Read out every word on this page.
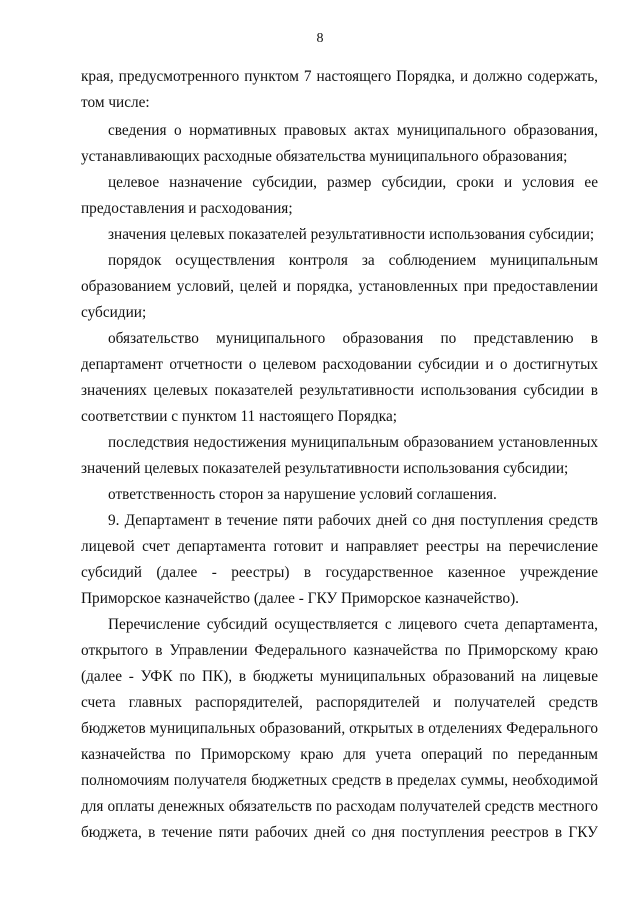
8
края, предусмотренного пунктом 7 настоящего Порядка, и должно содержать,
том числе:
сведения о нормативных правовых актах муниципального образования,
устанавливающих расходные обязательства муниципального образования;
целевое назначение субсидии, размер субсидии, сроки и условия ее
предоставления и расходования;
значения целевых показателей результативности использования субсидии;
порядок осуществления контроля за соблюдением муниципальным
образованием условий, целей и порядка, установленных при предоставлении
субсидии;
обязательство муниципального образования по представлению в
департамент отчетности о целевом расходовании субсидии и о достигнутых
значениях целевых показателей результативности использования субсидии в
соответствии с пунктом 11 настоящего Порядка;
последствия недостижения муниципальным образованием установленных
значений целевых показателей результативности использования субсидии;
ответственность сторон за нарушение условий соглашения.
9. Департамент в течение пяти рабочих дней со дня поступления средств
лицевой счет департамента готовит и направляет реестры на перечисление
субсидий (далее - реестры) в государственное казенное учреждение
Приморское казначейство (далее - ГКУ Приморское казначейство).
Перечисление субсидий осуществляется с лицевого счета департамента,
открытого в Управлении Федерального казначейства по Приморскому краю
(далее - УФК по ПК), в бюджеты муниципальных образований на лицевые
счета главных распорядителей, распорядителей и получателей средств
бюджетов муниципальных образований, открытых в отделениях Федерального
казначейства по Приморскому краю для учета операций по переданным
полномочиям получателя бюджетных средств в пределах суммы, необходимой
для оплаты денежных обязательств по расходам получателей средств местного
бюджета, в течение пяти рабочих дней со дня поступления реестров в ГКУ
